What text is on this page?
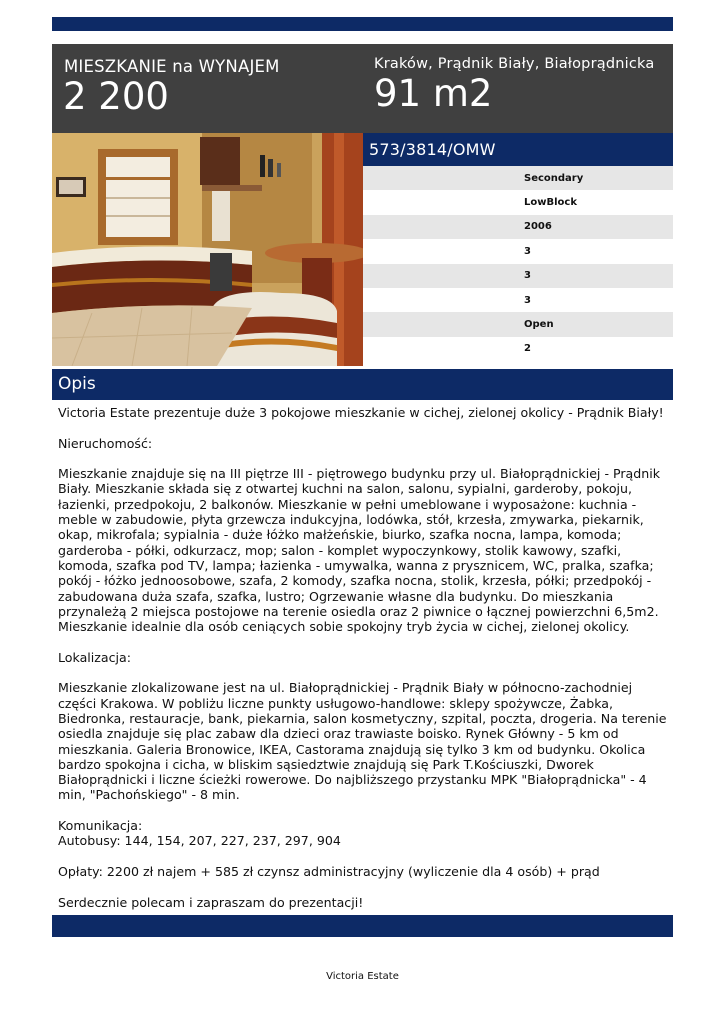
MIESZKANIE na WYNAJEM
2 200
Kraków, Prądnik Biały, Białoprądnicka
91 m2
573/3814/OMW
Secondary
LowBlock
2006
3
3
3
Open
2
Opis

Victoria Estate prezentuje duże 3 pokojowe mieszkanie w cichej, zielonej okolicy - Prądnik Biały!

Nieruchomość:

Mieszkanie znajduje się na III piętrze III - piętrowego budynku przy ul. Białoprądnickiej - Prądnik Biały. Mieszkanie składa się z otwartej kuchni na salon, salonu, sypialni, garderoby, pokoju, łazienki, przedpokoju, 2 balkonów. Mieszkanie w pełni umeblowane i wyposażone: kuchnia - meble w zabudowie, płyta grzewcza indukcyjna, lodówka, stół, krzesła, zmywarka, piekarnik, okap, mikrofala; sypialnia - duże łóżko małżeńskie, biurko, szafka nocna, lampa, komoda; garderoba - półki, odkurzacz, mop; salon - komplet wypoczynkowy, stolik kawowy, szafki, komoda, szafka pod TV, lampa; łazienka - umywalka, wanna z prysznicem, WC, pralka, szafka; pokój - łóżko jednoosobowe, szafa, 2 komody, szafka nocna, stolik, krzesła, półki; przedpokój - zabudowana duża szafa, szafka, lustro; Ogrzewanie własne dla budynku. Do mieszkania przynależą 2 miejsca postojowe na terenie osiedla oraz 2 piwnice o łącznej powierzchni 6,5m2. Mieszkanie idealnie dla osób ceniących sobie spokojny tryb życia w cichej, zielonej okolicy.

Lokalizacja:

Mieszkanie zlokalizowane jest na ul. Białoprądnickiej - Prądnik Biały w północno-zachodniej części Krakowa. W pobliżu liczne punkty usługowo-handlowe: sklepy spożywcze, Żabka, Biedronka, restauracje, bank, piekarnia, salon kosmetyczny, szpital, poczta, drogeria. Na terenie osiedla znajduje się plac zabaw dla dzieci oraz trawiaste boisko. Rynek Główny - 5 km od mieszkania. Galeria Bronowice, IKEA, Castorama znajdują się tylko 3 km od budynku. Okolica bardzo spokojna i cicha, w bliskim sąsiedztwie znajdują się Park T.Kościuszki, Dworek Białoprądnicki i liczne ścieżki rowerowe. Do najbliższego przystanku MPK "Białoprądnicka" - 4 min, "Pachońskiego" - 8 min.

Komunikacja:
Autobusy: 144, 154, 207, 227, 237, 297, 904

Opłaty: 2200 zł najem + 585 zł czynsz administracyjny (wyliczenie dla 4 osób) + prąd

Serdecznie polecam i zapraszam do prezentacji!

Victoria Estate
